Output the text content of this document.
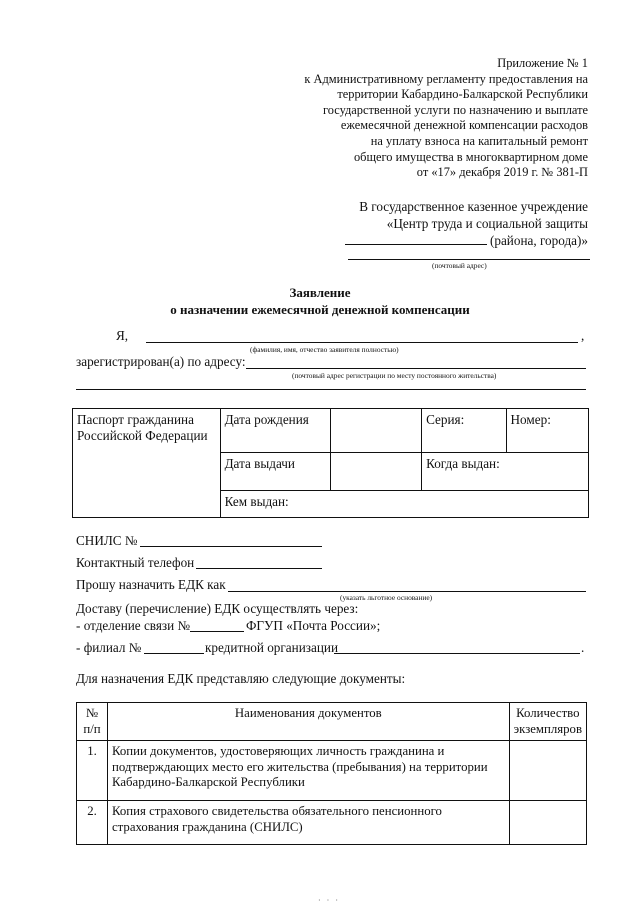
Приложение № 1
к Административному регламенту предоставления на
территории Кабардино-Балкарской Республики
государственной услуги по назначению и выплате
ежемесячной денежной компенсации расходов
на уплату взноса на капитальный ремонт
общего имущества в многоквартирном доме
от «17» декабря 2019 г. № 381-П
В государственное казенное учреждение
«Центр труда и социальной защиты
(района, города)»
(почтовый адрес)
Заявление
о назначении ежемесячной денежной компенсации
Я,	,
(фамилия, имя, отчество заявителя полностью)
зарегистрирован(а) по адресу:
(почтовый адрес регистрации по месту постоянного жительства)
Паспорт гражданина Российской Федерации	Дата рождения		Серия:	Номер:
	Дата выдачи		Когда выдан:	
	Кем выдан:			
СНИЛС №
Контактный телефон
Прошу назначить ЕДК как
(указать льготное основание)
Доставу (перечисление) ЕДК осуществлять через:
- отделение связи №	ФГУП «Почта России»;
- филиал №	кредитной организации	.
Для назначения ЕДК представляю следующие документы:
№ п/п	Наименования документов	Количество экземпляров
1.	Копии документов, удостоверяющих личность гражданина и подтверждающих место его жительства (пребывания) на территории Кабардино-Балкарской Республики	
2.	Копия страхового свидетельства обязательного пенсионного страхования гражданина (СНИЛС)	
· · ·
